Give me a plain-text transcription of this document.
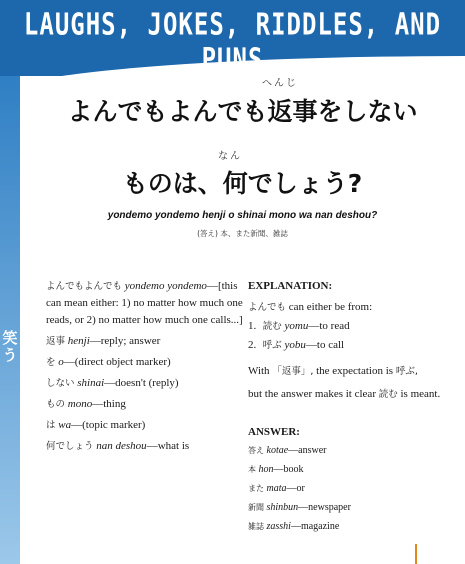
LAUGHS, JOKES, RIDDLES, AND PUNS
笑う
へんじ
よんでもよんでも返事をしない
なん
ものは、何でしょう?
yondemo yondemo henji o shinai mono wa nan deshou?
(答え) 本、また新聞、雑誌
よんでもよんでも yondemo yondemo—[this can mean either: 1) no matter how much one reads, or 2) no matter how much one calls...]
返事 henji—reply; answer
を o—(direct object marker)
しない shinai—doesn't (reply)
もの mono—thing
は wa—(topic marker)
何でしょう nan deshou—what is
EXPLANATION:
よんでも can either be from:
1. 読む yomu—to read
2. 呼ぶ yobu—to call
With 「返事」, the expectation is 呼ぶ,
but the answer makes it clear 読む is meant.
ANSWER:
答え kotae—answer
本 hon—book
また mata—or
新聞 shinbun—newspaper
雑誌 zasshi—magazine
